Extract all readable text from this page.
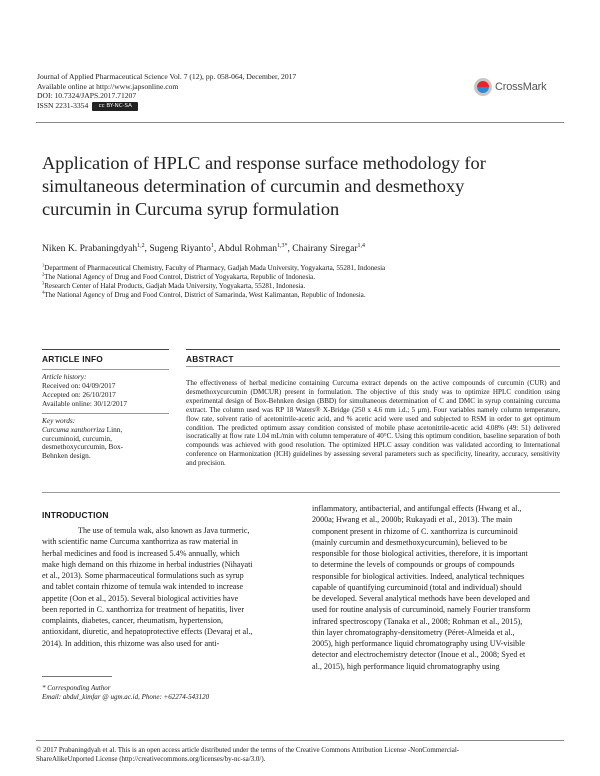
Journal of Applied Pharmaceutical Science Vol. 7 (12), pp. 058-064, December, 2017
Available online at http://www.japsonline.com
DOI: 10.7324/JAPS.2017.71207
ISSN 2231-3354 cc BY-NC-SA
CrossMark
Application of HPLC and response surface methodology for
simultaneous determination of curcumin and desmethoxy
curcumin in Curcuma syrup formulation
Niken K. Prabaningdyah$^{1,2}$, Sugeng Riyanto$^1$, Abdul Rohman$^{1,3*}$, Chairany Siregar$^{1,4}$
$^1$Department of Pharmaceutical Chemistry, Faculty of Pharmacy, Gadjah Mada University, Yogyakarta, 55281, Indonesia
$^2$The National Agency of Drug and Food Control, District of Yogyakarta, Republic of Indonesia.
$^3$Research Center of Halal Products, Gadjah Mada University, Yogyakarta, 55281, Indonesia.
$^4$The National Agency of Drug and Food Control, District of Samarinda, West Kalimantan, Republic of Indonesia.
ARTICLE INFO
Article history:
Received on: 04/09/2017
Accepted on: 26/10/2017
Available online: 30/12/2017
Key words:
Curcuma xanthorriza Linn,
curcuminoid, curcumin,
desmethoxycurcumin, Box-
Behnken design.
ABSTRACT
The effectiveness of herbal medicine containing Curcuma extract depends on the active compounds of curcumin (CUR) and desmethoxycurcumin (DMCUR) present in formulation. The objective of this study was to optimize HPLC condition using experimental design of Box-Behnken design (BBD) for simultaneous determination of C and DMC in syrup containing curcuma extract. The column used was RP 18 Waters® X-Bridge (250 x 4.6 mm i.d.; 5 μm). Four variables namely column temperature, flow rate, solvent ratio of acetonitrile-acetic acid, and % acetic acid were used and subjected to RSM in order to get optimum condition. The predicted optimum assay condition consisted of mobile phase acetonitrile-acetic acid 4.08% (49: 51) delivered isocratically at flow rate 1.04 mL/min with column temperature of 40°C. Using this optimum condition, baseline separation of both compounds was achieved with good resolution. The optimized HPLC assay condition was validated according to International conference on Harmonization (ICH) guidelines by assessing several parameters such as specificity, linearity, accuracy, sensitivity and precision.
INTRODUCTION
The use of temula wak, also known as Java turmeric,
with scientific name Curcuma xanthorriza as raw material in
herbal medicines and food is increased 5.4% annually, which
make high demand on this rhizome in herbal industries (Nihayati
et al., 2013). Some pharmaceutical formulations such as syrup
and tablet contain rhizome of temula wak intended to increase
appetite (Oon et al., 2015). Several biological activities have
been reported in C. xanthorriza for treatment of hepatitis, liver
complaints, diabetes, cancer, rheumatism, hypertension,
antioxidant, diuretic, and hepatoprotective effects (Devaraj et al.,
2014). In addition, this rhizome was also used for anti-
inflammatory, antibacterial, and antifungal effects (Hwang et al.,
2000a; Hwang et al., 2000b; Rukayadi et al., 2013). The main
component present in rhizome of C. xanthorriza is curcuminoid
(mainly curcumin and desmethoxycurcumin), believed to be
responsible for those biological activities, therefore, it is important
to determine the levels of compounds or groups of compounds
responsible for biological activities. Indeed, analytical techniques
capable of quantifying curcuminoid (total and individual) should
be developed. Several analytical methods have been developed and
used for routine analysis of curcuminoid, namely Fourier transform
infrared spectroscopy (Tanaka et al., 2008; Rohman et al., 2015),
thin layer chromatography-densitometry (Péret-Almeida et al.,
2005), high performance liquid chromatography using UV-visible
detector and electrochemistry detector (Inoue et al., 2008; Syed et
al., 2015), high performance liquid chromatography using
* Corresponding Author
Email: abdul_kimfar @ ugm.ac.id, Phone: +62274-543120
© 2017 Prabaningdyah et al. This is an open access article distributed under the terms of the Creative Commons Attribution License -NonCommercial-
ShareAlikeUnported License (http://creativecommons.org/licenses/by-nc-sa/3.0/).
